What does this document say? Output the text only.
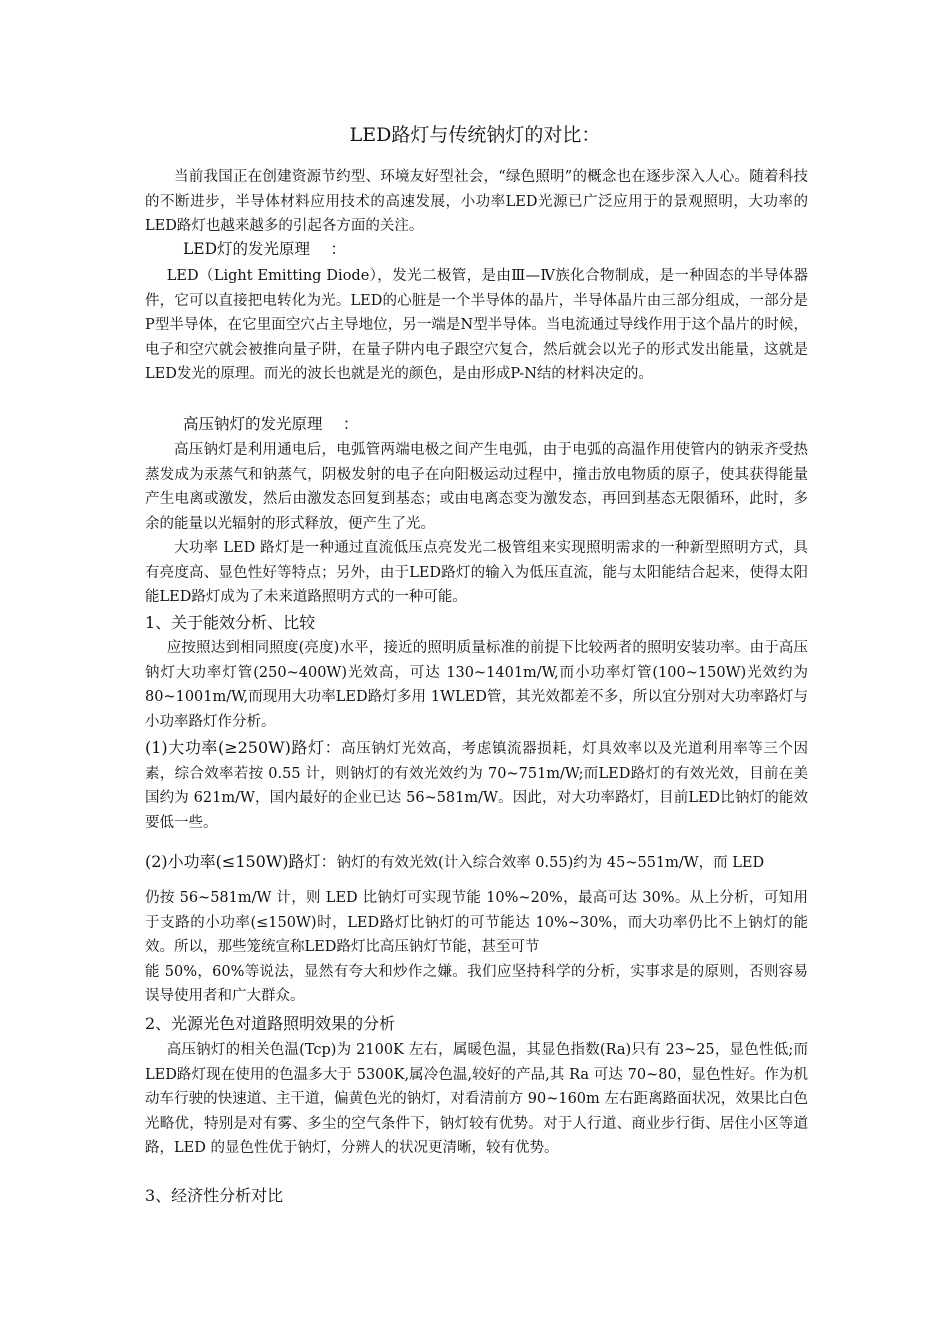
LED路灯与传统钠灯的对比：

当前我国正在创建资源节约型、环境友好型社会，“绿色照明”的概念也在逐步深入人心。随着科技的不断进步，半导体材料应用技术的高速发展，小功率LED光源已广泛应用于的景观照明，大功率的LED路灯也越来越多的引起各方面的关注。

LED灯的发光原理　 ：

LED（Light Emitting Diode），发光二极管，是由Ⅲ—Ⅳ族化合物制成，是一种固态的半导体器件，它可以直接把电转化为光。LED的心脏是一个半导体的晶片，半导体晶片由三部分组成，一部分是P型半导体，在它里面空穴占主导地位，另一端是N型半导体。当电流通过导线作用于这个晶片的时候，电子和空穴就会被推向量子阱，在量子阱内电子跟空穴复合，然后就会以光子的形式发出能量，这就是LED发光的原理。而光的波长也就是光的颜色，是由形成P-N结的材料决定的。

高压钠灯的发光原理　 ：

高压钠灯是利用通电后，电弧管两端电极之间产生电弧，由于电弧的高温作用使管内的钠汞齐受热蒸发成为汞蒸气和钠蒸气，阴极发射的电子在向阳极运动过程中，撞击放电物质的原子，使其获得能量产生电离或激发，然后由激发态回复到基态；或由电离态变为激发态，再回到基态无限循环，此时，多余的能量以光辐射的形式释放，便产生了光。

大功率 LED 路灯是一种通过直流低压点亮发光二极管组来实现照明需求的一种新型照明方式，具有亮度高、显色性好等特点；另外，由于LED路灯的输入为低压直流，能与太阳能结合起来，使得太阳能LED路灯成为了未来道路照明方式的一种可能。

1、关于能效分析、比较

应按照达到相同照度(亮度)水平，接近的照明质量标准的前提下比较两者的照明安装功率。由于高压钠灯大功率灯管(250~400W)光效高，可达 130~1401m/W,而小功率灯管(100~150W)光效约为80~1001m/W,而现用大功率LED路灯多用 1WLED管，其光效都差不多，所以宜分别对大功率路灯与小功率路灯作分析。

(1)大功率(≥250W)路灯：高压钠灯光效高，考虑镇流器损耗，灯具效率以及光道利用率等三个因素，综合效率若按 0.55 计，则钠灯的有效光效约为 70~751m/W;而LED路灯的有效光效，目前在美国约为 621m/W，国内最好的企业已达 56~581m/W。因此，对大功率路灯，目前LED比钠灯的能效要低一些。

(2)小功率(≤150W)路灯：钠灯的有效光效(计入综合效率 0.55)约为 45~551m/W，而 LED

仍按 56~581m/W 计，则 LED 比钠灯可实现节能 10%~20%，最高可达 30%。从上分析，可知用于支路的小功率(≤150W)时，LED路灯比钠灯的可节能达 10%~30%，而大功率仍比不上钠灯的能效。所以，那些笼统宣称LED路灯比高压钠灯节能，甚至可节

能 50%，60%等说法，显然有夸大和炒作之嫌。我们应坚持科学的分析，实事求是的原则，否则容易误导使用者和广大群众。

2、光源光色对道路照明效果的分析

高压钠灯的相关色温(Tcp)为 2100K 左右，属暖色温，其显色指数(Ra)只有 23~25，显色性低;而LED路灯现在使用的色温多大于 5300K,属冷色温,较好的产品,其 Ra 可达 70~80，显色性好。作为机动车行驶的快速道、主干道，偏黄色光的钠灯，对看清前方 90~160m 左右距离路面状况，效果比白色光略优，特别是对有雾、多尘的空气条件下，钠灯较有优势。对于人行道、商业步行街、居住小区等道路，LED 的显色性优于钠灯，分辨人的状况更清晰，较有优势。

3、经济性分析对比
